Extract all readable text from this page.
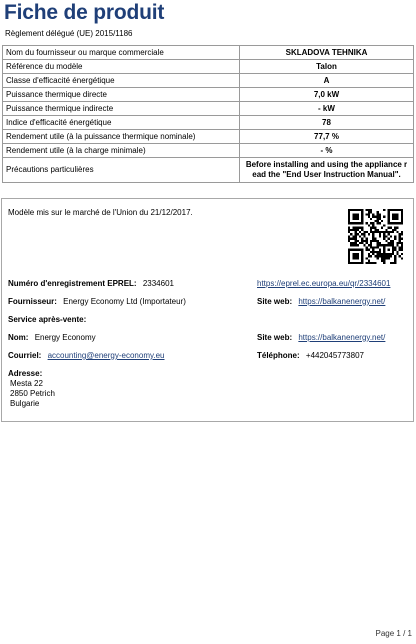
Fiche de produit
Règlement délégué (UE) 2015/1186
Nom du fournisseur ou marque commerciale	SKLADOVA TEHNIKA
Référence du modèle	Talon
Classe d'efficacité énergétique	A
Puissance thermique directe	7,0 kW
Puissance thermique indirecte	- kW
Indice d'efficacité énergétique	78
Rendement utile (à la puissance thermique nominale)	77,7 %
Rendement utile (à la charge minimale)	- %
Précautions particulières	Before installing and using the appliance r ead the "End User Instruction Manual".
Modèle mis sur le marché de l'Union du 21/12/2017.
Numéro d'enregistrement EPREL: 2334601	https://eprel.ec.europa.eu/qr/2334601
Fournisseur: Energy Economy Ltd (Importateur)	Site web: https://balkanenergy.net/
Service après-vente:
Nom: Energy Economy	Site web: https://balkanenergy.net/
Courriel: accounting@energy-economy.eu	Téléphone: +442045773807
Adresse:
Mesta 22
2850 Petrich
Bulgarie
Page 1 / 1
